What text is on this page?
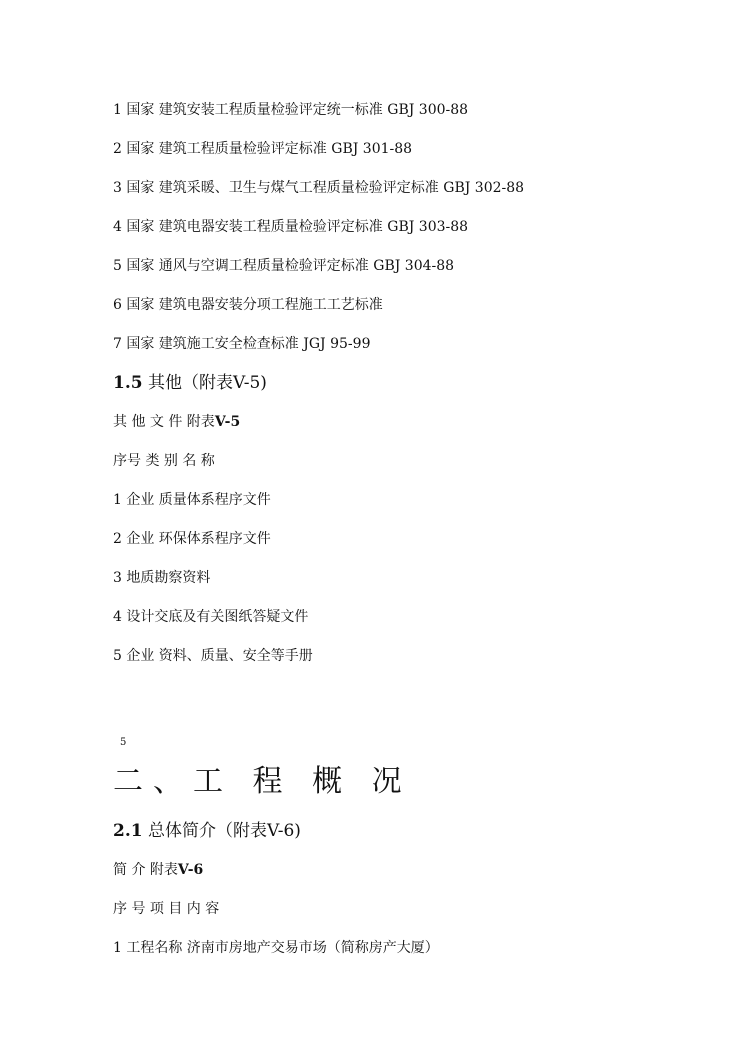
1 国家 建筑安装工程质量检验评定统一标准 GBJ 300-88
2 国家 建筑工程质量检验评定标准 GBJ 301-88
3 国家 建筑采暖、卫生与煤气工程质量检验评定标准 GBJ 302-88
4 国家 建筑电器安装工程质量检验评定标准 GBJ 303-88
5 国家 通风与空调工程质量检验评定标准 GBJ 304-88
6 国家 建筑电器安装分项工程施工工艺标准
7 国家 建筑施工安全检查标准 JGJ 95-99
1.5 其他（附表V-5)
其 他 文 件 附表V-5
序号 类 别 名 称
1 企业 质量体系程序文件
2 企业 环保体系程序文件
3 地质勘察资料
4 设计交底及有关图纸答疑文件
5 企业 资料、质量、安全等手册
5
二、工 程 概 况
2.1 总体简介（附表V-6)
简 介 附表V-6
序 号 项 目 内 容
1 工程名称 济南市房地产交易市场（简称房产大厦）
